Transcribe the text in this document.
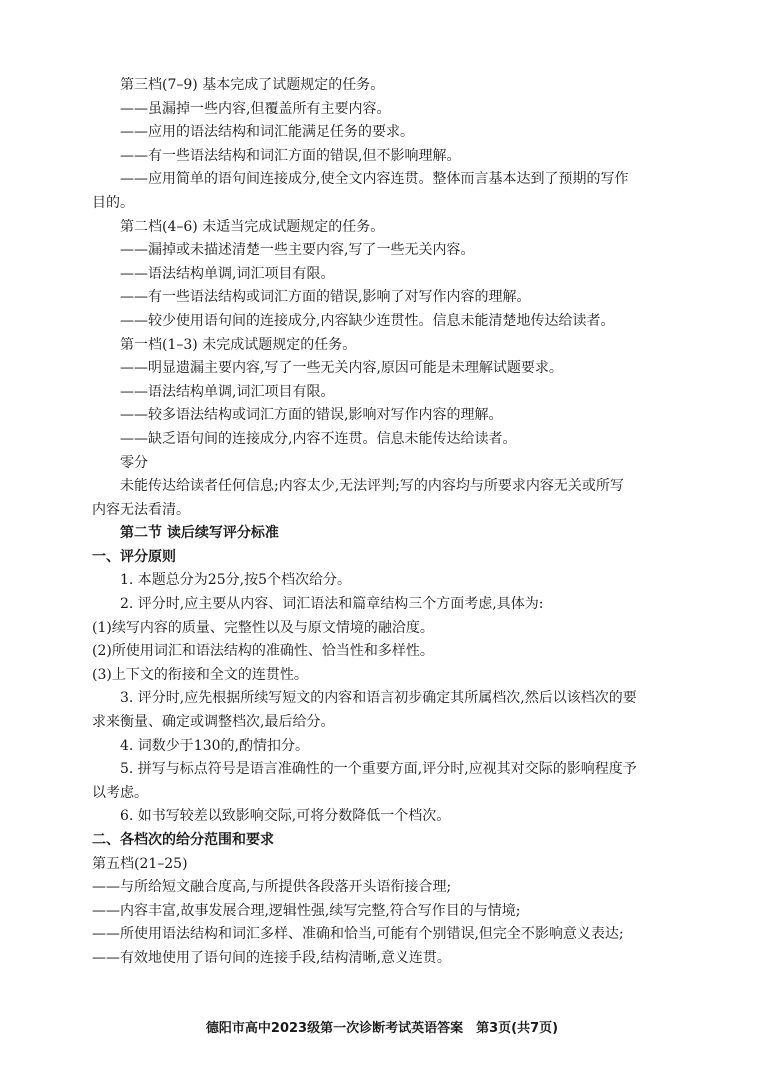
第三档(7–9) 基本完成了试题规定的任务。
——虽漏掉一些内容,但覆盖所有主要内容。
——应用的语法结构和词汇能满足任务的要求。
——有一些语法结构和词汇方面的错误,但不影响理解。
——应用简单的语句间连接成分,使全文内容连贯。整体而言基本达到了预期的写作
目的。
第二档(4–6) 未适当完成试题规定的任务。
——漏掉或未描述清楚一些主要内容,写了一些无关内容。
——语法结构单调,词汇项目有限。
——有一些语法结构或词汇方面的错误,影响了对写作内容的理解。
——较少使用语句间的连接成分,内容缺少连贯性。信息未能清楚地传达给读者。
第一档(1–3) 未完成试题规定的任务。
——明显遗漏主要内容,写了一些无关内容,原因可能是未理解试题要求。
——语法结构单调,词汇项目有限。
——较多语法结构或词汇方面的错误,影响对写作内容的理解。
——缺乏语句间的连接成分,内容不连贯。信息未能传达给读者。
零分
未能传达给读者任何信息;内容太少,无法评判;写的内容均与所要求内容无关或所写
内容无法看清。
第二节 读后续写评分标准
一、评分原则
1. 本题总分为25分,按5个档次给分。
2. 评分时,应主要从内容、词汇语法和篇章结构三个方面考虑,具体为:
(1)续写内容的质量、完整性以及与原文情境的融洽度。
(2)所使用词汇和语法结构的准确性、恰当性和多样性。
(3)上下文的衔接和全文的连贯性。
3. 评分时,应先根据所续写短文的内容和语言初步确定其所属档次,然后以该档次的要
求来衡量、确定或调整档次,最后给分。
4. 词数少于130的,酌情扣分。
5. 拼写与标点符号是语言准确性的一个重要方面,评分时,应视其对交际的影响程度予
以考虑。
6. 如书写较差以致影响交际,可将分数降低一个档次。
二、各档次的给分范围和要求
第五档(21–25)
——与所给短文融合度高,与所提供各段落开头语衔接合理;
——内容丰富,故事发展合理,逻辑性强,续写完整,符合写作目的与情境;
——所使用语法结构和词汇多样、准确和恰当,可能有个别错误,但完全不影响意义表达;
——有效地使用了语句间的连接手段,结构清晰,意义连贯。
德阳市高中2023级第一次诊断考试英语答案　第3页(共7页)
